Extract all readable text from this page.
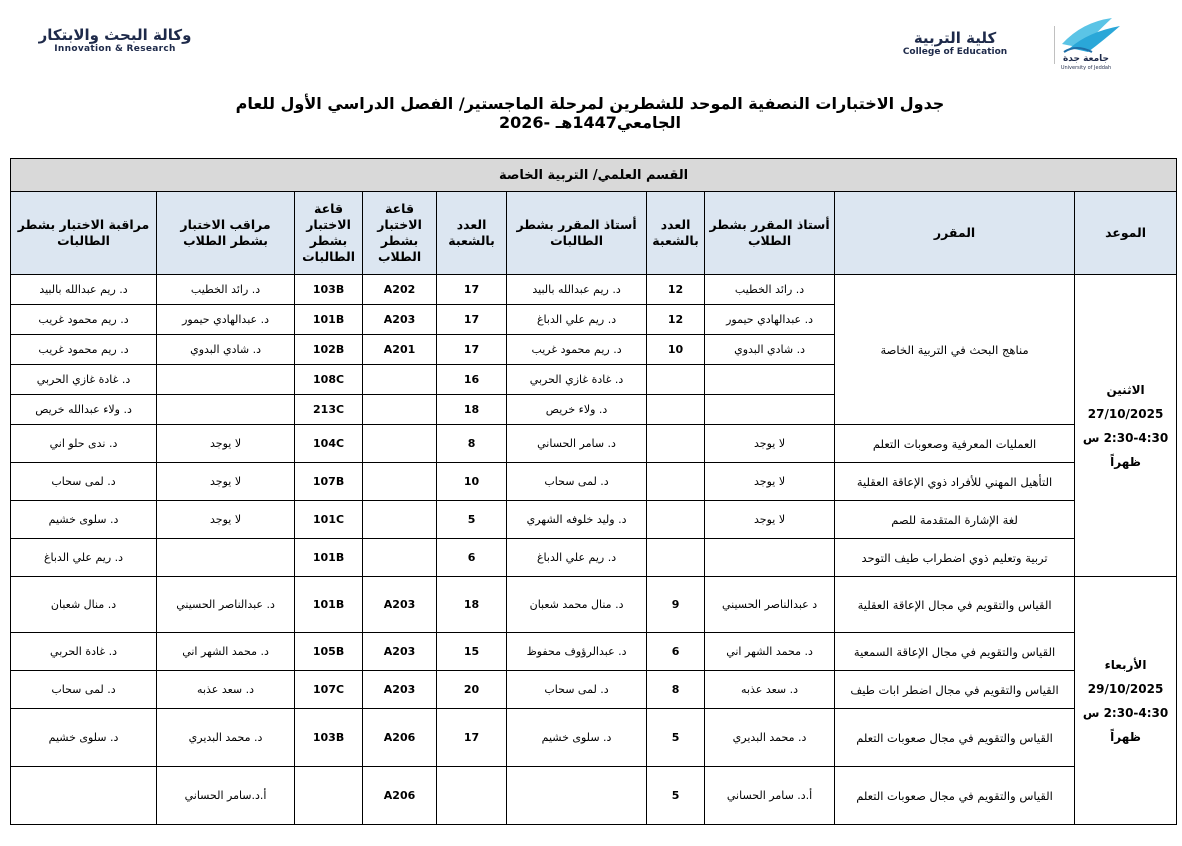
وكالة البحث والابتكار
Innovation & Research
كلية التربية
College of Education
جامعة جدة
University of Jeddah
جدول الاختبارات النصفية الموحد للشطرين لمرحلة الماجستير/ الفصل الدراسي الأول للعام الجامعي1447هـ -2026
القسم العلمي/ التربية الخاصة									
الموعد	المقرر	أستاذ المقرر بشطر الطلاب	العدد بالشعبة	أستاذ المقرر بشطر الطالبات	العدد بالشعبة	قاعة الاختبار بشطر الطلاب	قاعة الاختبار بشطر الطالبات	مراقب الاختبار بشطر الطلاب	مراقبة الاختبار بشطر الطالبات

الاثنين
27/10/2025
2:30-4:30 س
ظهراً	مناهج البحث في التربية الخاصة	د. رائد الخطيب	12	د. ريم عبدالله بالبيد	17	A202	103B	د. رائد الخطيب	د. ريم عبدالله بالبيد
		د. عبدالهادي حيمور	12	د. ريم علي الدباغ	17	A203	101B	د. عبدالهادي حيمور	د. ريم محمود غريب
		د. شادي البدوي	10	د. ريم محمود غريب	17	A201	102B	د. شادي البدوي	د. ريم محمود غريب
				د. غادة غازي الحربي	16		108C		د. غادة غازي الحربي
				د. ولاء خريص	18		213C		د. ولاء عبدالله خريص
	العمليات المعرفية وصعوبات التعلم	لا يوجد		د. سامر الحساني	8		104C	لا يوجد	د. ندى حلو اني
	التأهيل المهني للأفراد ذوي الإعاقة العقلية	لا يوجد		د. لمى سحاب	10		107B	لا يوجد	د. لمى سحاب
	لغة الإشارة المتقدمة للصم	لا يوجد		د. وليد خلوفه الشهري	5		101C	لا يوجد	د. سلوى خشيم
	تربية وتعليم ذوي اضطراب طيف التوحد			د. ريم علي الدباغ	6		101B		د. ريم علي الدباغ

الأربعاء
29/10/2025
2:30-4:30 س
ظهراً	القياس والتقويم في مجال الإعاقة العقلية	د عبدالناصر الحسيني	9	د. منال محمد شعبان	18	A203	101B	د. عبدالناصر الحسيني	د. منال شعبان
	القياس والتقويم في مجال الإعاقة السمعية	د. محمد الشهر اني	6	د. عبدالرؤوف محفوظ	15	A203	105B	د. محمد الشهر اني	د. غادة الحربي
	القياس والتقويم في مجال اضطر ابات طيف	د. سعد عذبه	8	د. لمى سحاب	20	A203	107C	د. سعد عذبه	د. لمى سحاب
	القياس والتقويم في مجال صعوبات التعلم	د. محمد البديري	5	د. سلوى خشيم	17	A206	103B	د. محمد البديري	د. سلوى خشيم
	القياس والتقويم في مجال صعوبات التعلم	أ.د. سامر الحساني	5			A206		أ.د.سامر الحساني	
